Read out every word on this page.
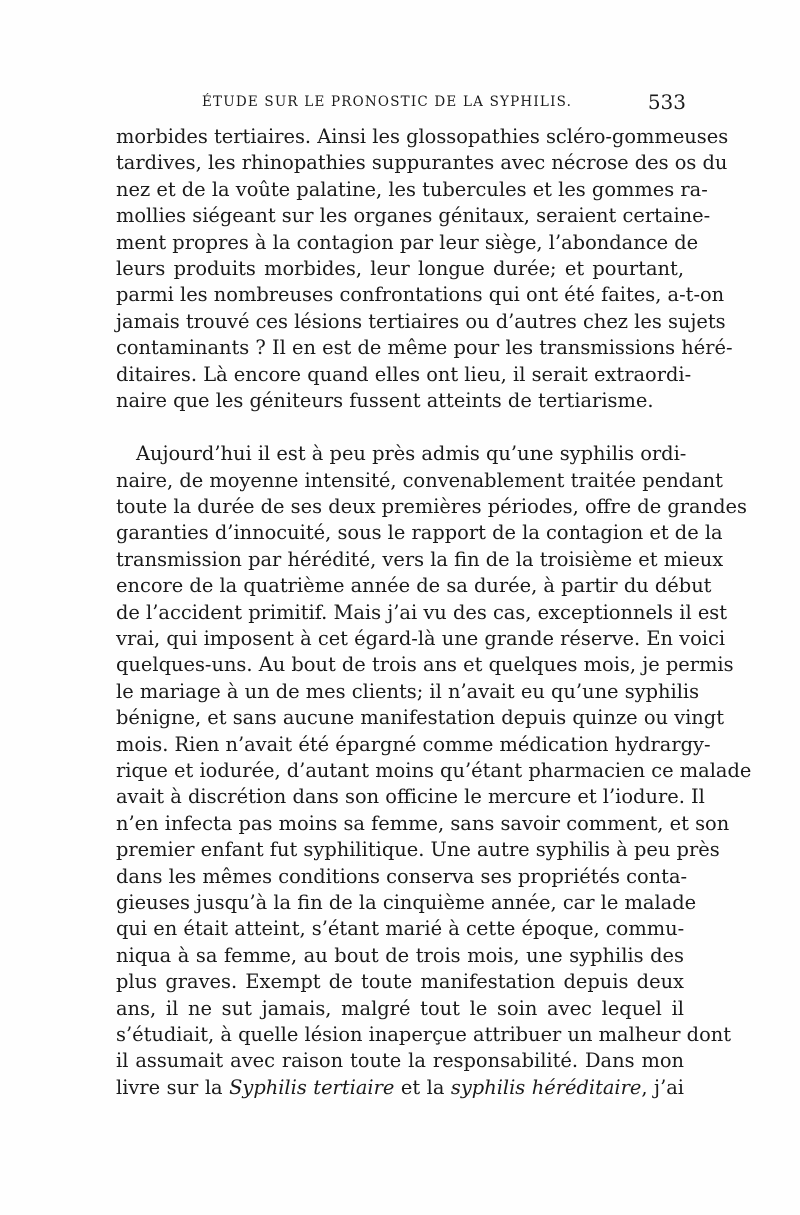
ÉTUDE SUR LE PRONOSTIC DE LA SYPHILIS.	533
morbides tertiaires. Ainsi les glossopathies scléro-gommeuses
tardives, les rhinopathies suppurantes avec nécrose des os du
nez et de la voûte palatine, les tubercules et les gommes ra-
mollies siégeant sur les organes génitaux, seraient certaine-
ment propres à la contagion par leur siège, l’abondance de
leurs produits morbides, leur longue durée; et pourtant,
parmi les nombreuses confrontations qui ont été faites, a-t-on
jamais trouvé ces lésions tertiaires ou d’autres chez les sujets
contaminants ? Il en est de même pour les transmissions héré-
ditaires. Là encore quand elles ont lieu, il serait extraordi-
naire que les géniteurs fussent atteints de tertiarisme.
Aujourd’hui il est à peu près admis qu’une syphilis ordi-
naire, de moyenne intensité, convenablement traitée pendant
toute la durée de ses deux premières périodes, offre de grandes
garanties d’innocuité, sous le rapport de la contagion et de la
transmission par hérédité, vers la fin de la troisième et mieux
encore de la quatrième année de sa durée, à partir du début
de l’accident primitif. Mais j’ai vu des cas, exceptionnels il est
vrai, qui imposent à cet égard-là une grande réserve. En voici
quelques-uns. Au bout de trois ans et quelques mois, je permis
le mariage à un de mes clients; il n’avait eu qu’une syphilis
bénigne, et sans aucune manifestation depuis quinze ou vingt
mois. Rien n’avait été épargné comme médication hydrargy-
rique et iodurée, d’autant moins qu’étant pharmacien ce malade
avait à discrétion dans son officine le mercure et l’iodure. Il
n’en infecta pas moins sa femme, sans savoir comment, et son
premier enfant fut syphilitique. Une autre syphilis à peu près
dans les mêmes conditions conserva ses propriétés conta-
gieuses jusqu’à la fin de la cinquième année, car le malade
qui en était atteint, s’étant marié à cette époque, commu-
niqua à sa femme, au bout de trois mois, une syphilis des
plus graves. Exempt de toute manifestation depuis deux
ans, il ne sut jamais, malgré tout le soin avec lequel il
s’étudiait, à quelle lésion inaperçue attribuer un malheur dont
il assumait avec raison toute la responsabilité. Dans mon
livre sur la Syphilis tertiaire et la syphilis héréditaire, j’ai
